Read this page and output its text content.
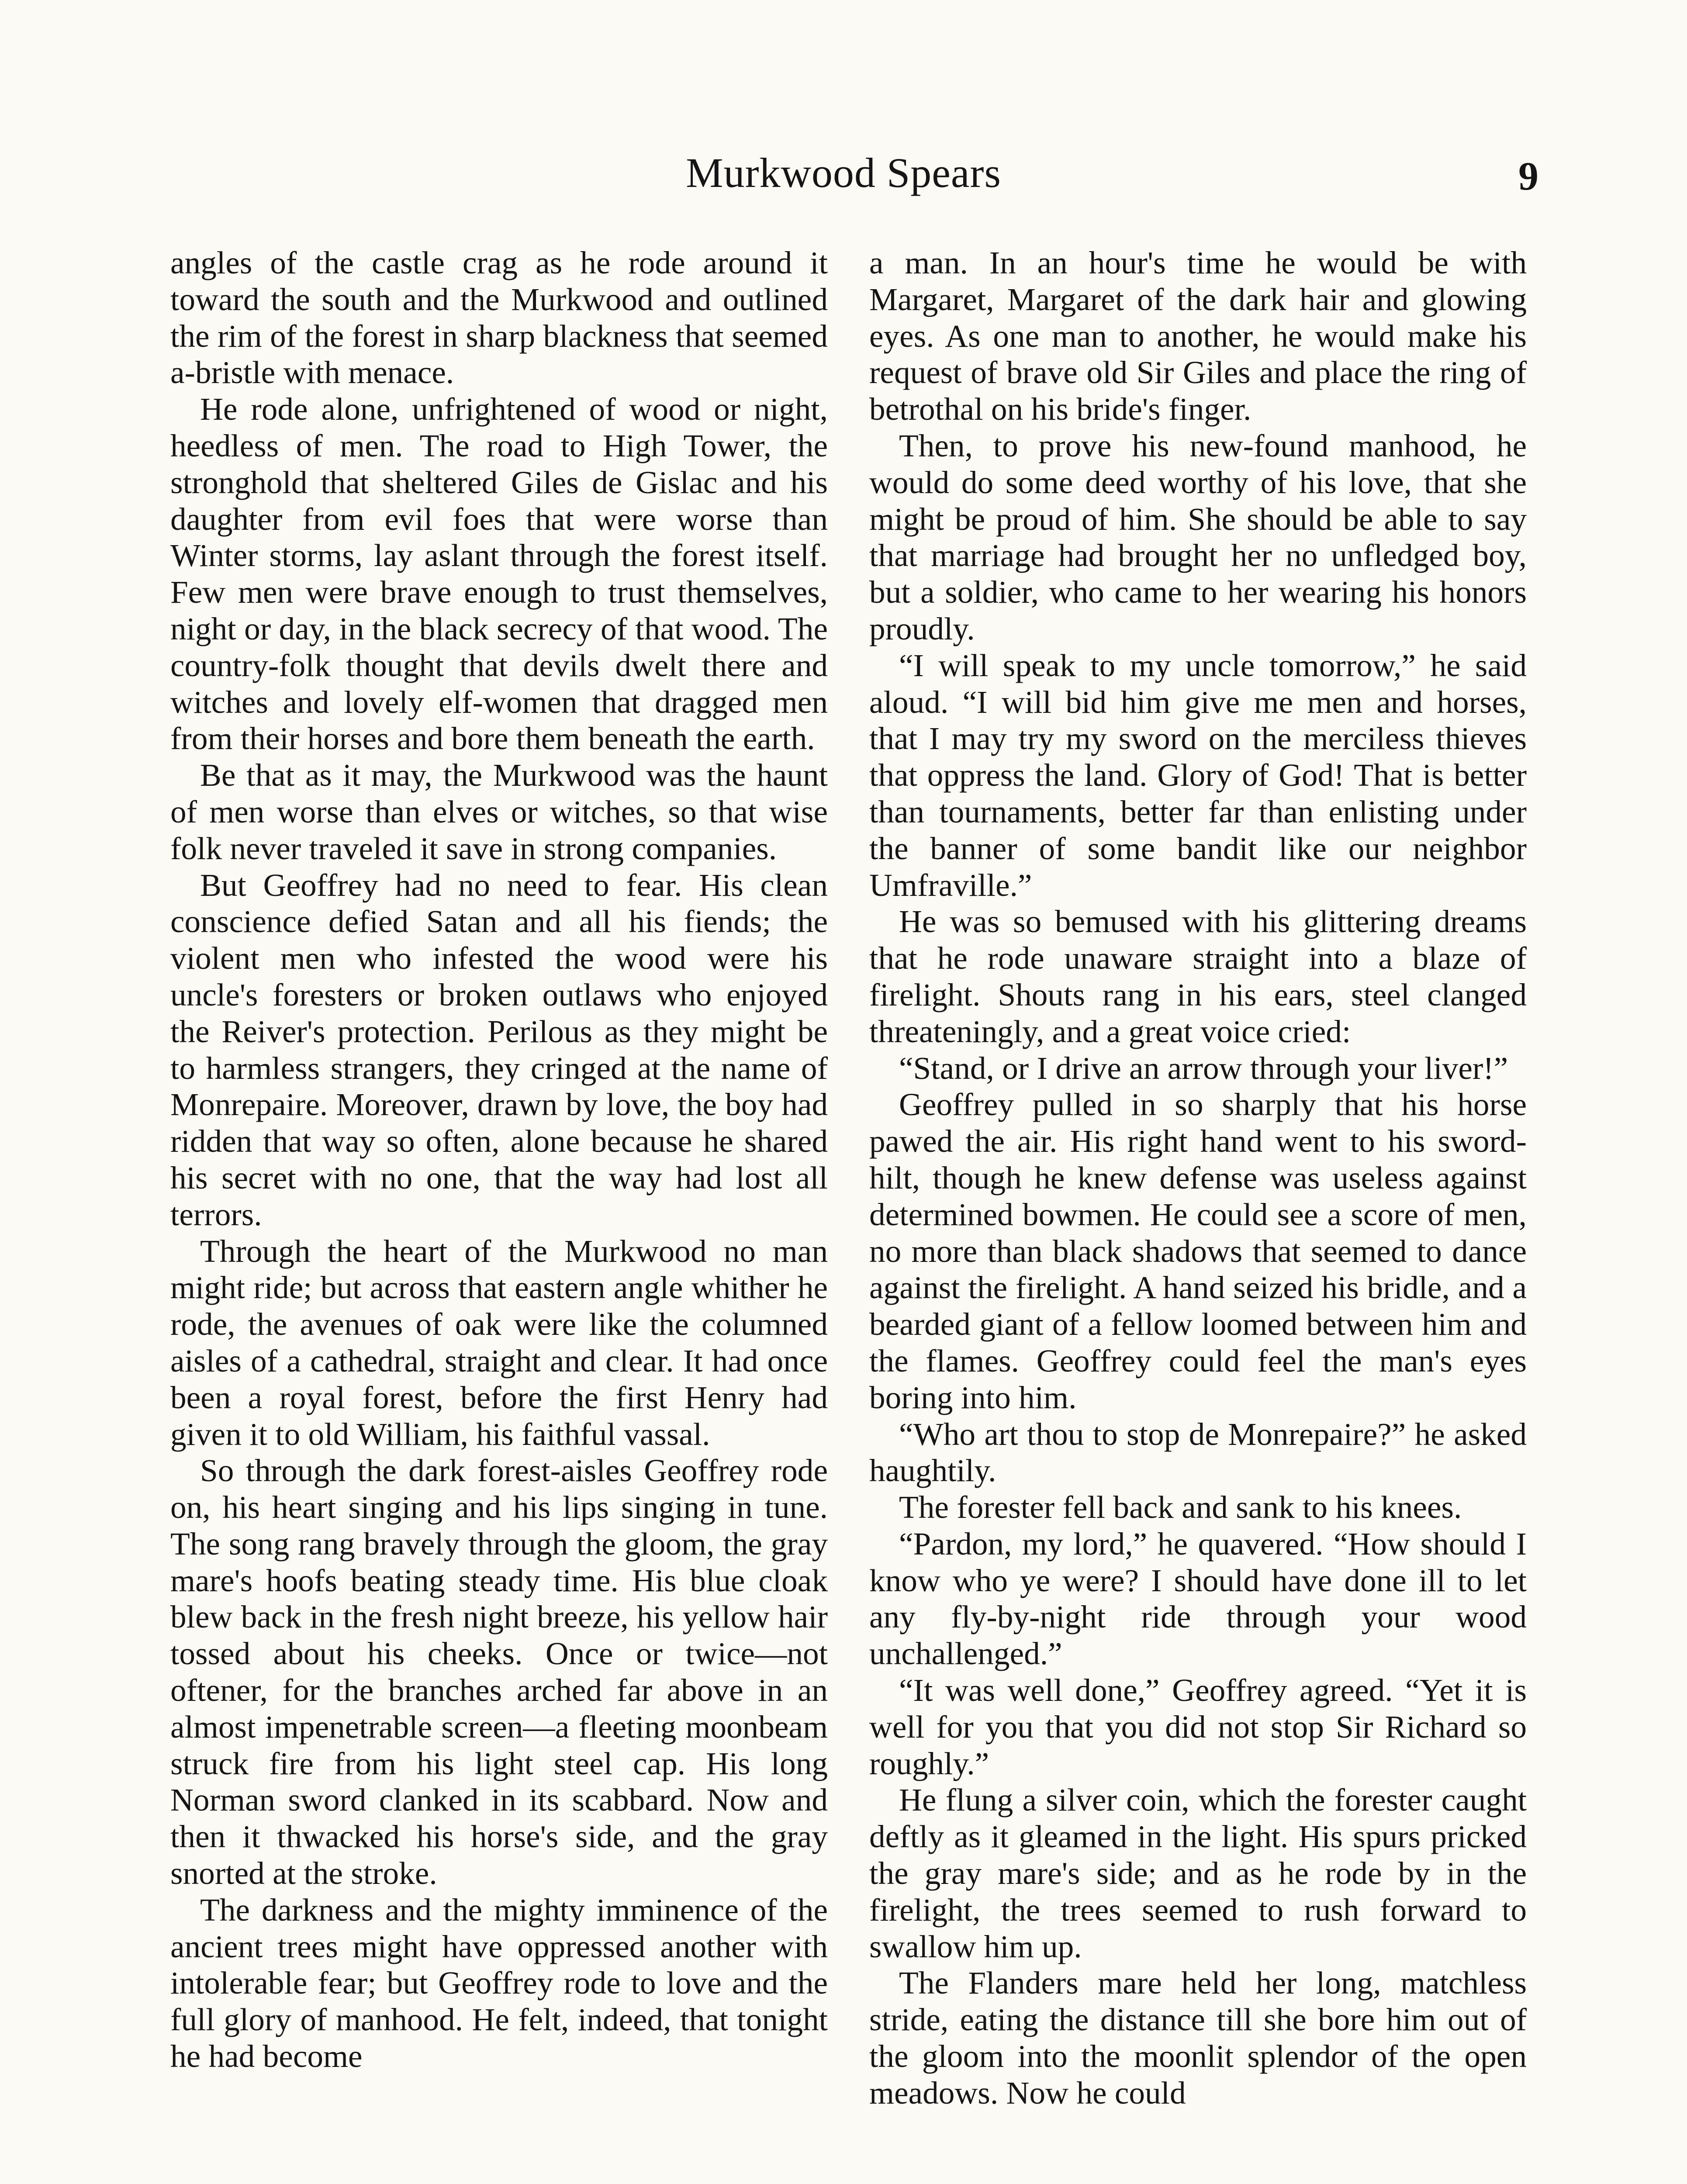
Murkwood Spears	9

angles of the castle crag as he rode around it toward the south and the Murkwood and outlined the rim of the forest in sharp blackness that seemed a-bristle with menace.

He rode alone, unfrightened of wood or night, heedless of men. The road to High Tower, the stronghold that sheltered Giles de Gislac and his daughter from evil foes that were worse than Winter storms, lay aslant through the forest itself. Few men were brave enough to trust themselves, night or day, in the black secrecy of that wood. The country-folk thought that devils dwelt there and witches and lovely elf-women that dragged men from their horses and bore them beneath the earth.

Be that as it may, the Murkwood was the haunt of men worse than elves or witches, so that wise folk never traveled it save in strong companies.

But Geoffrey had no need to fear. His clean conscience defied Satan and all his fiends; the violent men who infested the wood were his uncle's foresters or broken outlaws who enjoyed the Reiver's protection. Perilous as they might be to harmless strangers, they cringed at the name of Monrepaire. Moreover, drawn by love, the boy had ridden that way so often, alone because he shared his secret with no one, that the way had lost all terrors.

Through the heart of the Murkwood no man might ride; but across that eastern angle whither he rode, the avenues of oak were like the columned aisles of a cathedral, straight and clear. It had once been a royal forest, before the first Henry had given it to old William, his faithful vassal.

So through the dark forest-aisles Geoffrey rode on, his heart singing and his lips singing in tune. The song rang bravely through the gloom, the gray mare's hoofs beating steady time. His blue cloak blew back in the fresh night breeze, his yellow hair tossed about his cheeks. Once or twice—not oftener, for the branches arched far above in an almost impenetrable screen—a fleeting moonbeam struck fire from his light steel cap. His long Norman sword clanked in its scabbard. Now and then it thwacked his horse's side, and the gray snorted at the stroke.

The darkness and the mighty imminence of the ancient trees might have oppressed another with intolerable fear; but Geoffrey rode to love and the full glory of manhood. He felt, indeed, that tonight he had become

a man. In an hour's time he would be with Margaret, Margaret of the dark hair and glowing eyes. As one man to another, he would make his request of brave old Sir Giles and place the ring of betrothal on his bride's finger.

Then, to prove his new-found manhood, he would do some deed worthy of his love, that she might be proud of him. She should be able to say that marriage had brought her no unfledged boy, but a soldier, who came to her wearing his honors proudly.

“I will speak to my uncle tomorrow,” he said aloud. “I will bid him give me men and horses, that I may try my sword on the merciless thieves that oppress the land. Glory of God! That is better than tournaments, better far than enlisting under the banner of some bandit like our neighbor Umfraville.”

He was so bemused with his glittering dreams that he rode unaware straight into a blaze of firelight. Shouts rang in his ears, steel clanged threateningly, and a great voice cried:

“Stand, or I drive an arrow through your liver!”

Geoffrey pulled in so sharply that his horse pawed the air. His right hand went to his sword-hilt, though he knew defense was useless against determined bowmen. He could see a score of men, no more than black shadows that seemed to dance against the firelight. A hand seized his bridle, and a bearded giant of a fellow loomed between him and the flames. Geoffrey could feel the man's eyes boring into him.

“Who art thou to stop de Monrepaire?” he asked haughtily.

The forester fell back and sank to his knees.

“Pardon, my lord,” he quavered. “How should I know who ye were? I should have done ill to let any fly-by-night ride through your wood unchallenged.”

“It was well done,” Geoffrey agreed. “Yet it is well for you that you did not stop Sir Richard so roughly.”

He flung a silver coin, which the forester caught deftly as it gleamed in the light. His spurs pricked the gray mare's side; and as he rode by in the firelight, the trees seemed to rush forward to swallow him up.

The Flanders mare held her long, matchless stride, eating the distance till she bore him out of the gloom into the moonlit splendor of the open meadows. Now he could
